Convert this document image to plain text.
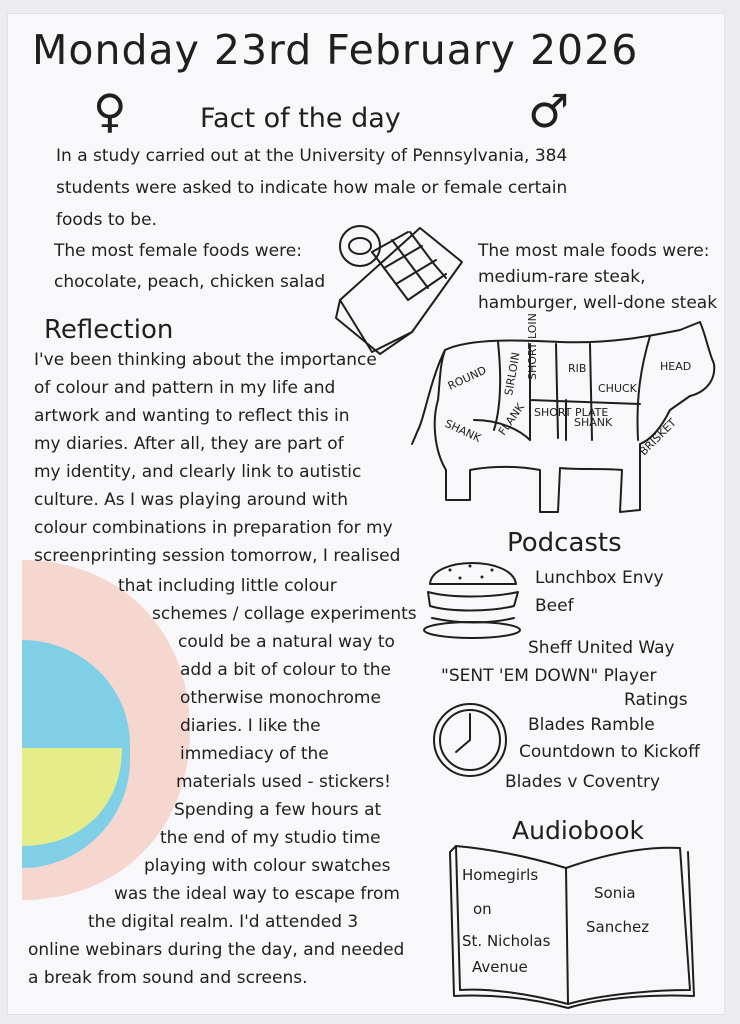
Monday 23rd February 2026
♀	♂
Fact of the day
In a study carried out at the University of Pennsylvania, 384
students were asked to indicate how male or female certain
foods to be.
The most female foods were:
chocolate, peach, chicken salad
The most male foods were:
medium-rare steak,
hamburger, well-done steak
Reflection
I've been thinking about the importance
of colour and pattern in my life and
artwork and wanting to reflect this in
my diaries. After all, they are part of
my identity, and clearly link to autistic
culture. As I was playing around with
colour combinations in preparation for my
screenprinting session tomorrow, I realised
that including little colour
schemes / collage experiments
could be a natural way to
add a bit of colour to the
otherwise monochrome
diaries. I like the
immediacy of the
materials used - stickers!
Spending a few hours at
the end of my studio time
playing with colour swatches
was the ideal way to escape from
the digital realm. I'd attended 3
online webinars during the day, and needed
a break from sound and screens.
ROUND SIRLOIN SHORT LOIN	RIB
CHUCK
HEAD
SHANK FLANK SHORT PLATE
SHANK BRISKET
Podcasts
Lunchbox Envy
Beef
Sheff United Way
"SENT 'EM DOWN" Player
Ratings
Blades Ramble
Countdown to Kickoff
Blades v Coventry
Audiobook
Homegirls
on
St. Nicholas
Avenue
Sonia
Sanchez
